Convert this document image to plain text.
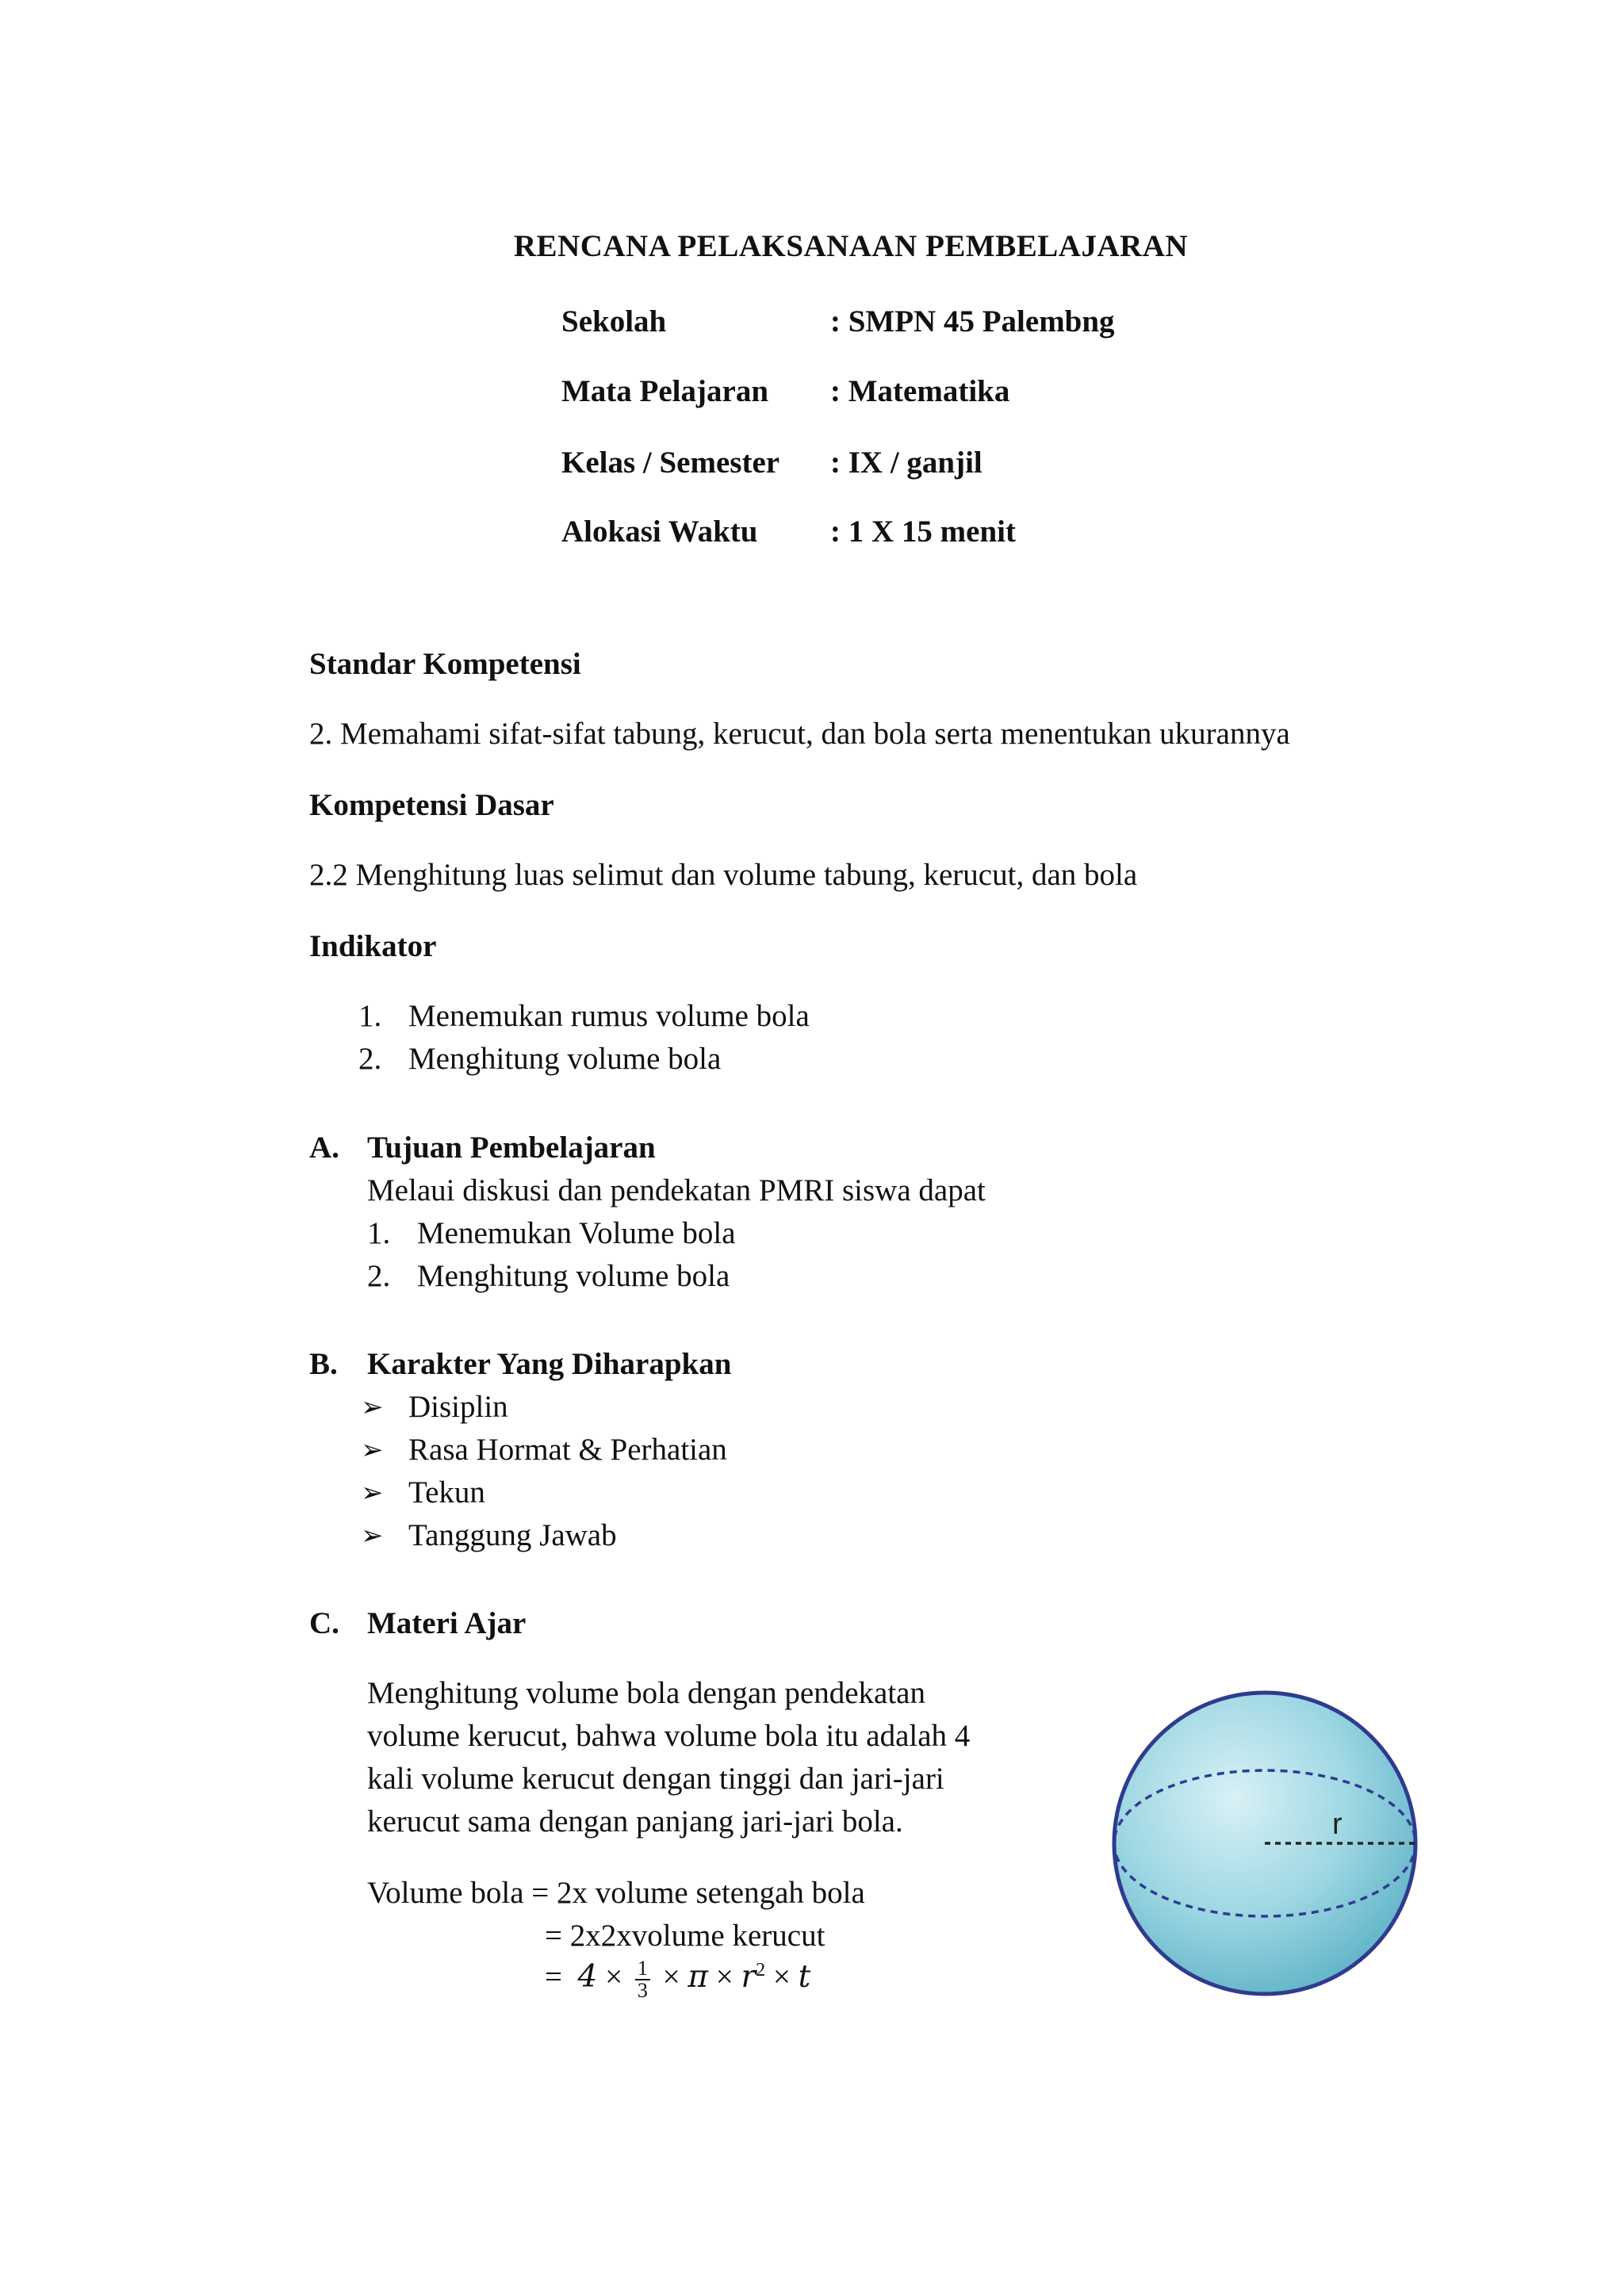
RENCANA PELAKSANAAN PEMBELAJARAN
Sekolah	: SMPN 45 Palembng
Mata Pelajaran : Matematika
Kelas / Semester : IX / ganjil
Alokasi Waktu : 1 X 15 menit
Standar Kompetensi
2. Memahami sifat-sifat tabung, kerucut, dan bola serta menentukan ukurannya
Kompetensi Dasar
2.2 Menghitung luas selimut dan volume tabung, kerucut, dan bola
Indikator
1. Menemukan rumus volume bola
2. Menghitung volume bola
A. Tujuan Pembelajaran
Melaui diskusi dan pendekatan PMRI siswa dapat
1. Menemukan Volume bola
2. Menghitung volume bola
B. Karakter Yang Diharapkan
➢ Disiplin
➢ Rasa Hormat & Perhatian
➢ Tekun
➢ Tanggung Jawab
C. Materi Ajar
Menghitung volume bola dengan pendekatan
volume kerucut, bahwa volume bola itu adalah 4
kali volume kerucut dengan tinggi dan jari-jari
kerucut sama dengan panjang jari-jari bola.
Volume bola = 2x volume setengah bola
= 2x2xvolume kerucut
= $4 \times \frac{1}{3} \times \pi \times r^2 \times t$
r
